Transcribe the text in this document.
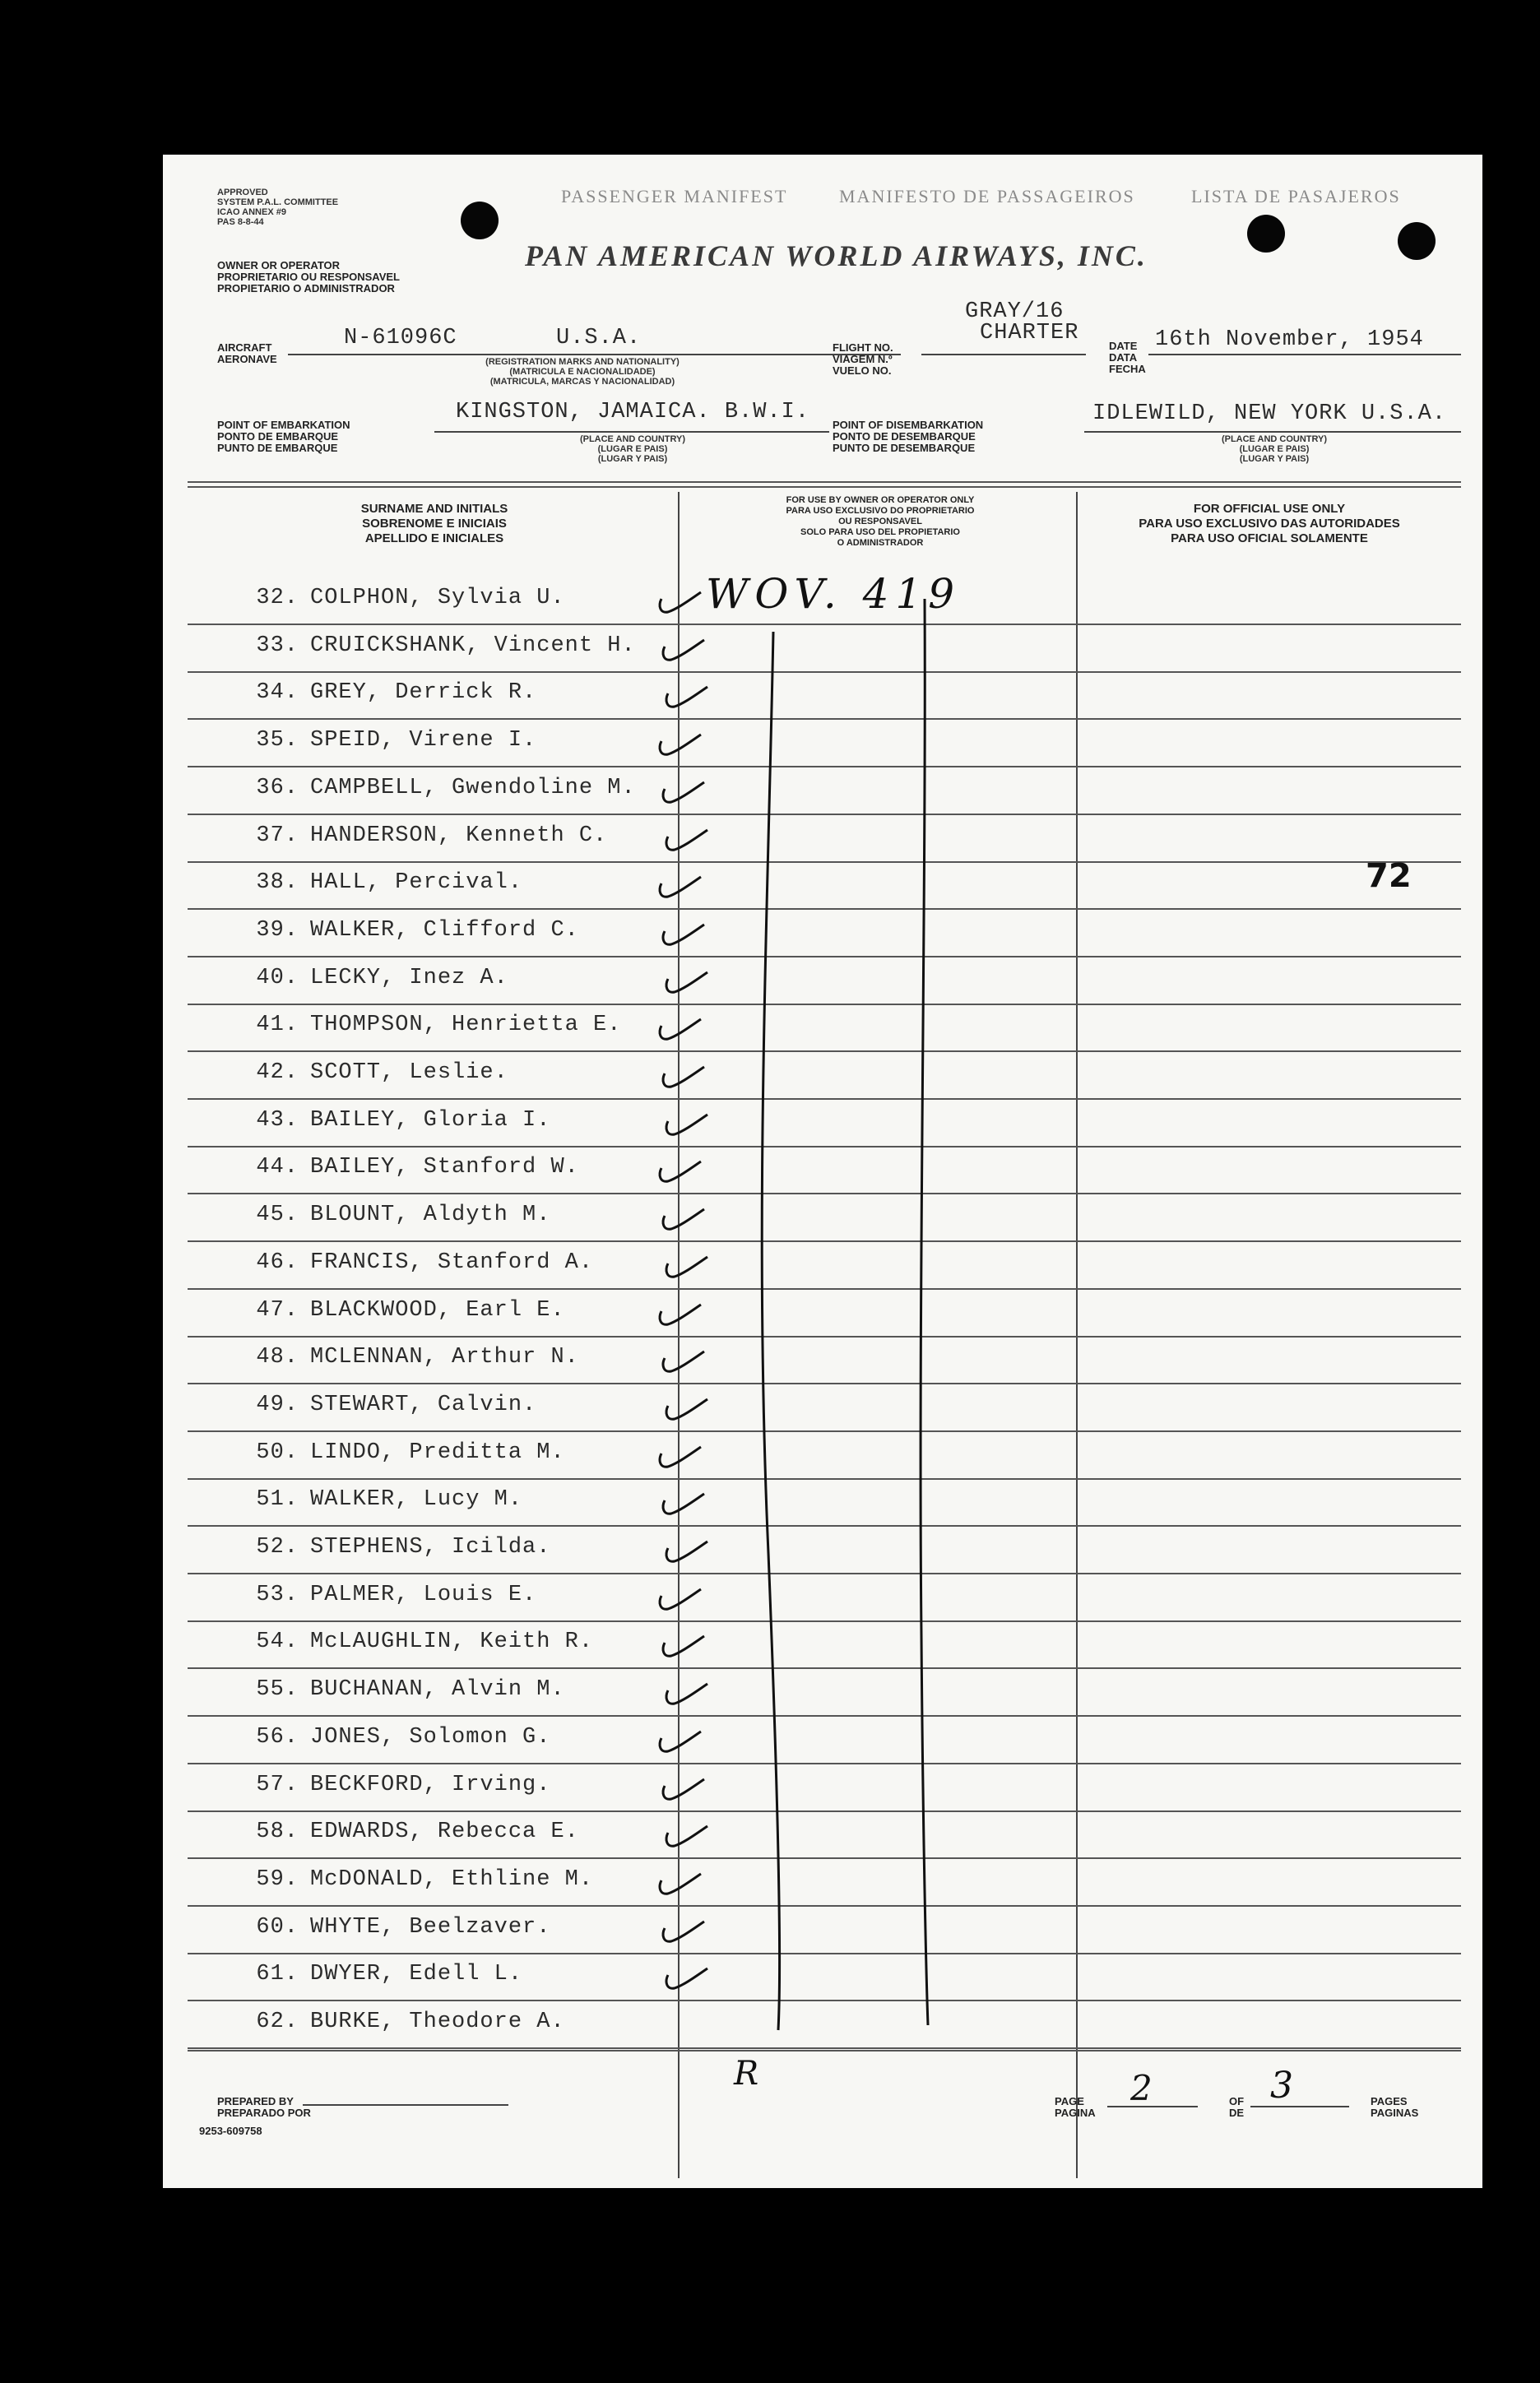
APPROVED
SYSTEM P.A.L. COMMITTEE
ICAO ANNEX #9
PAS 8-8-44
PASSENGER MANIFEST	MANIFESTO DE PASSAGEIROS	LISTA DE PASAJEROS
OWNER OR OPERATOR
PROPRIETARIO OU RESPONSAVEL
PROPIETARIO O ADMINISTRADOR
PAN AMERICAN WORLD AIRWAYS, INC.
AIRCRAFT
AERONAVE
N-61096C	U.S.A.
(REGISTRATION MARKS AND NATIONALITY)
(MATRICULA E NACIONALIDADE)
(MATRICULA, MARCAS Y NACIONALIDAD)
FLIGHT NO.
VIAGEM N.º
VUELO NO.
GRAY/16
CHARTER
DATE
DATA
FECHA
16th November, 1954
POINT OF EMBARKATION
PONTO DE EMBARQUE
PUNTO DE EMBARQUE
KINGSTON, JAMAICA. B.W.I.
(PLACE AND COUNTRY)
(LUGAR E PAIS)
(LUGAR Y PAIS)
POINT OF DISEMBARKATION
PONTO DE DESEMBARQUE
PUNTO DE DESEMBARQUE
IDLEWILD, NEW YORK U.S.A.
(PLACE AND COUNTRY)
(LUGAR E PAIS)
(LUGAR Y PAIS)
SURNAME AND INITIALS
SOBRENOME E INICIAIS
APELLIDO E INICIALES
FOR USE BY OWNER OR OPERATOR ONLY
PARA USO EXCLUSIVO DO PROPRIETARIO
OU RESPONSAVEL
SOLO PARA USO DEL PROPIETARIO
O ADMINISTRADOR
FOR OFFICIAL USE ONLY
PARA USO EXCLUSIVO DAS AUTORIDADES
PARA USO OFICIAL SOLAMENTE
32. COLPHON, Sylvia U.
33. CRUICKSHANK, Vincent H.
34. GREY, Derrick R.
35. SPEID, Virene I.
36. CAMPBELL, Gwendoline M.
37. HANDERSON, Kenneth C.
38. HALL, Percival.
39. WALKER, Clifford C.
40. LECKY, Inez A.
41. THOMPSON, Henrietta E.
42. SCOTT, Leslie.
43. BAILEY, Gloria I.
44. BAILEY, Stanford W.
45. BLOUNT, Aldyth M.
46. FRANCIS, Stanford A.
47. BLACKWOOD, Earl E.
48. MCLENNAN, Arthur N.
49. STEWART, Calvin.
50. LINDO, Preditta M.
51. WALKER, Lucy M.
52. STEPHENS, Icilda.
53. PALMER, Louis E.
54. McLAUGHLIN, Keith R.
55. BUCHANAN, Alvin M.
56. JONES, Solomon G.
57. BECKFORD, Irving.
58. EDWARDS, Rebecca E.
59. McDONALD, Ethline M.
60. WHYTE, Beelzaver.
61. DWYER, Edell L.
62. BURKE, Theodore A.
WOV. 419
72
R
PREPARED BY
PREPARADO POR
9253-609758
PAGE
PAGINA
2	OF
DE
3	PAGES
PAGINAS
